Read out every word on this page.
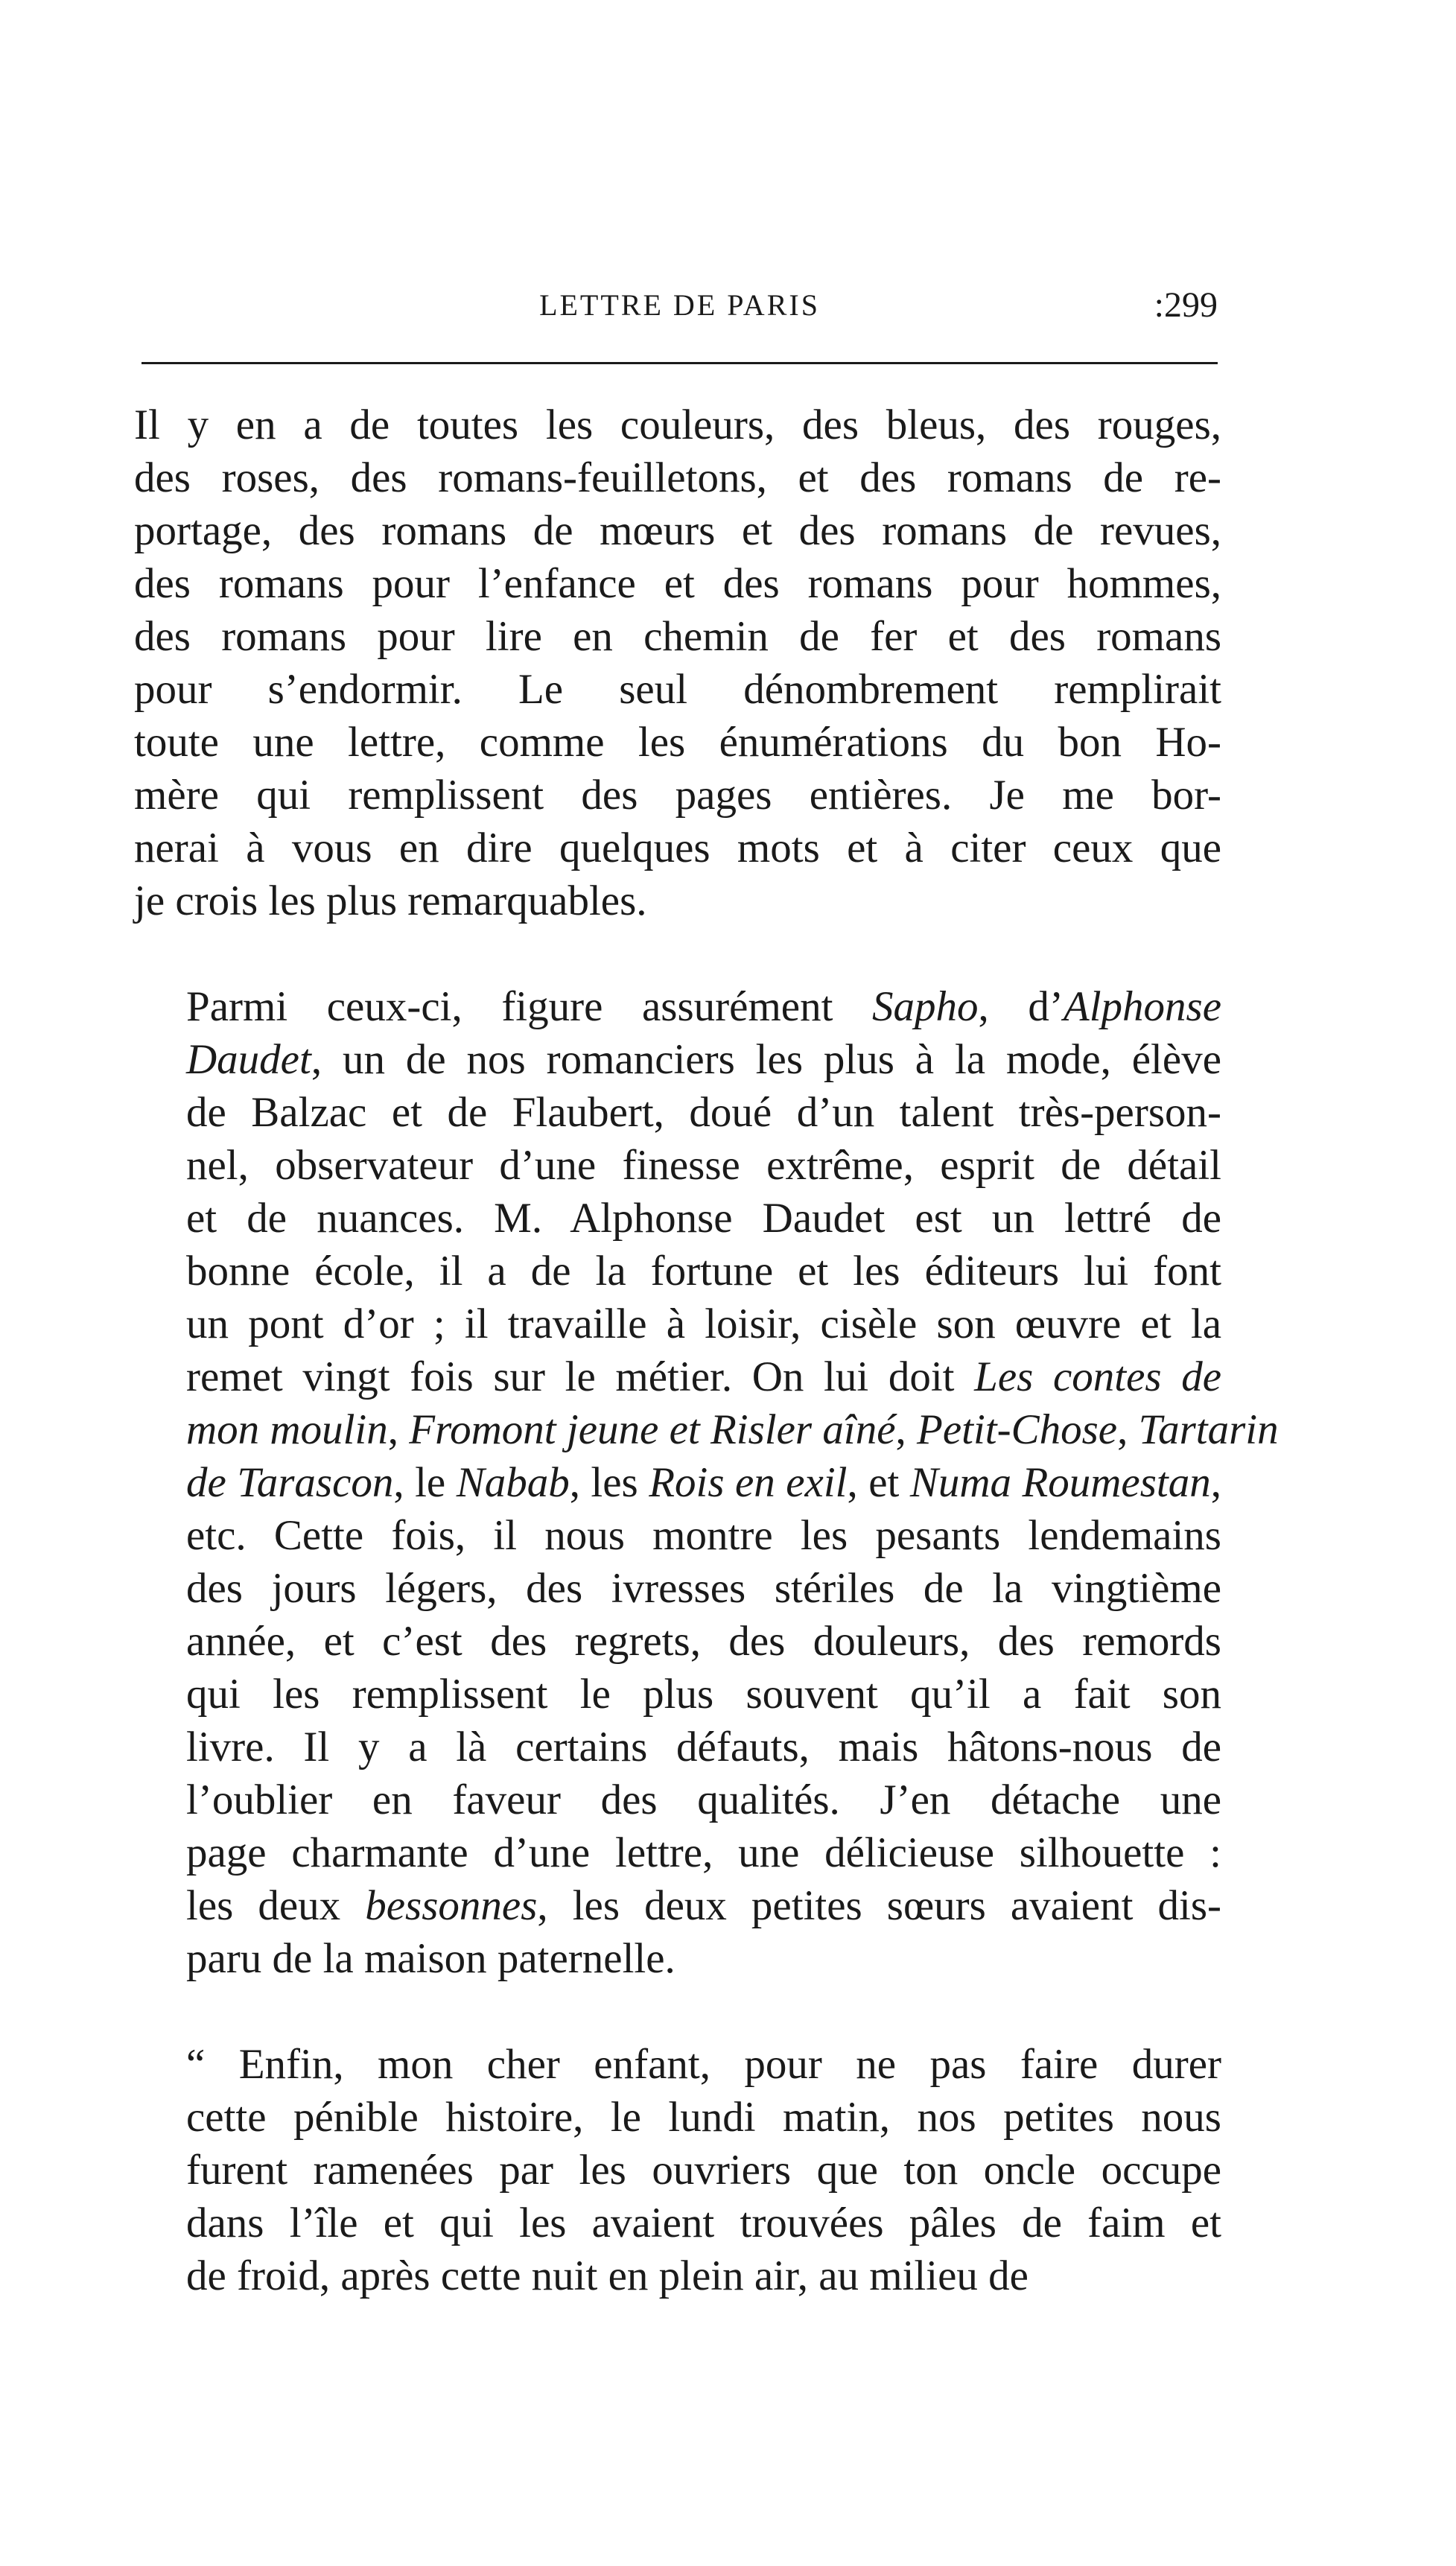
LETTRE DE PARIS	:299

Il y en a de toutes les couleurs, des bleus, des rouges,
des roses, des romans-feuilletons, et des romans de re-
portage, des romans de mœurs et des romans de revues,
des romans pour l’enfance et des romans pour hommes,
des romans pour lire en chemin de fer et des romans
pour s’endormir. Le seul dénombrement remplirait
toute une lettre, comme les énumérations du bon Ho-
mère qui remplissent des pages entières. Je me bor-
nerai à vous en dire quelques mots et à citer ceux que
je crois les plus remarquables.

Parmi ceux-ci, figure assurément Sapho, d’Alphonse
Daudet, un de nos romanciers les plus à la mode, élève
de Balzac et de Flaubert, doué d’un talent très-person-
nel, observateur d’une finesse extrême, esprit de détail
et de nuances. M. Alphonse Daudet est un lettré de
bonne école, il a de la fortune et les éditeurs lui font
un pont d’or ; il travaille à loisir, cisèle son œuvre et la
remet vingt fois sur le métier. On lui doit Les contes de
mon moulin, Fromont jeune et Risler aîné, Petit-Chose, Tartarin
de Tarascon, le Nabab, les Rois en exil, et Numa Roumestan,
etc. Cette fois, il nous montre les pesants lendemains
des jours légers, des ivresses stériles de la vingtième
année, et c’est des regrets, des douleurs, des remords
qui les remplissent le plus souvent qu’il a fait son
livre. Il y a là certains défauts, mais hâtons-nous de
l’oublier en faveur des qualités. J’en détache une
page charmante d’une lettre, une délicieuse silhouette :
les deux bessonnes, les deux petites sœurs avaient dis-
paru de la maison paternelle.

“ Enfin, mon cher enfant, pour ne pas faire durer
cette pénible histoire, le lundi matin, nos petites nous
furent ramenées par les ouvriers que ton oncle occupe
dans l’île et qui les avaient trouvées pâles de faim et
de froid, après cette nuit en plein air, au milieu de
